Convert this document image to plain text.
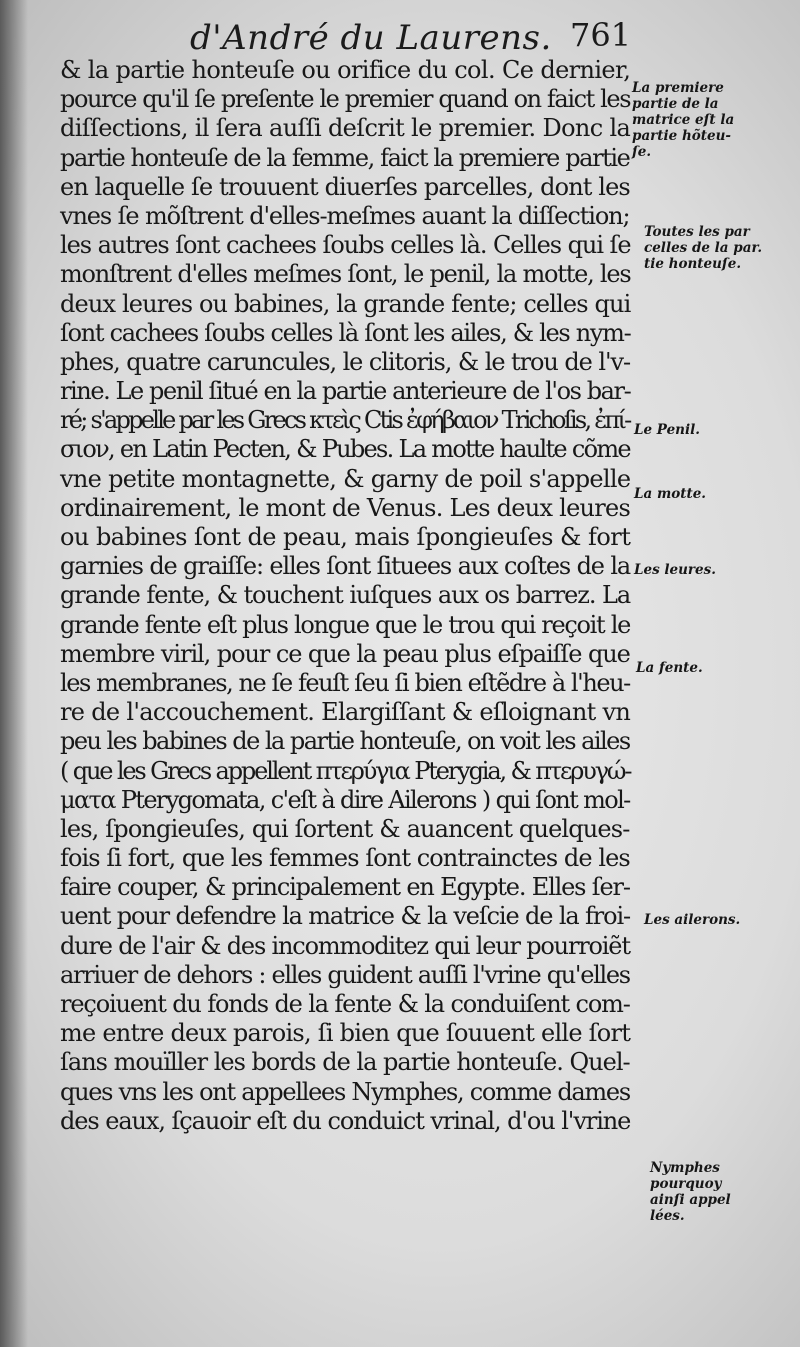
d'André du Laurens. 761
& la partie honteuſe ou orifice du col. Ce dernier,
pource qu'il ſe preſente le premier quand on faict les
diſſections, il ſera auſſi deſcrit le premier. Donc la
partie honteuſe de la femme, faict la premiere partie
en laquelle ſe trouuent diuerſes parcelles, dont les
vnes ſe mõſtrent d'elles-meſmes auant la diſſection;
les autres ſont cachees ſoubs celles là. Celles qui ſe
monſtrent d'elles meſmes ſont, le penil, la motte, les
deux leures ou babines, la grande fente; celles qui
ſont cachees ſoubs celles là ſont les ailes, & les nym-
phes, quatre caruncules, le clitoris, & le trou de l'v-
rine. Le penil ſitué en la partie anterieure de l'os bar-
ré; s'appelle par les Grecs κτεὶς Ctis ἐφήβαιον Trichoſis, ἐπί-
σιον, en Latin Pecten, & Pubes. La motte haulte cõme
vne petite montagnette, & garny de poil s'appelle
ordinairement, le mont de Venus. Les deux leures
ou babines ſont de peau, mais ſpongieuſes & fort
garnies de graiſſe: elles ſont ſituees aux coſtes de la
grande fente, & touchent iuſques aux os barrez. La
grande fente eſt plus longue que le trou qui reçoit le
membre viril, pour ce que la peau plus eſpaiſſe que
les membranes, ne ſe feuſt ſeu ſi bien eſtẽdre à l'heu-
re de l'accouchement. Elargiſſant & eſloignant vn
peu les babines de la partie honteuſe, on voit les ailes
( que les Grecs appellent πτερύγια Pterygia, & πτερυγώ-
ματα Pterygomata, c'eſt à dire Ailerons ) qui ſont mol-
les, ſpongieuſes, qui ſortent & auancent quelques-
fois ſi fort, que les femmes ſont contrainctes de les
faire couper, & principalement en Egypte. Elles ſer-
uent pour defendre la matrice & la veſcie de la froi-
dure de l'air & des incommoditez qui leur pourroiẽt
arriuer de dehors : elles guident auſſi l'vrine qu'elles
reçoiuent du fonds de la fente & la conduiſent com-
me entre deux parois, ſi bien que ſouuent elle ſort
ſans mouïller les bords de la partie honteuſe. Quel-
ques vns les ont appellees Nymphes, comme dames
des eaux, ſçauoir eſt du conduict vrinal, d'ou l'vrine
La premiere
partie de la
matrice eſt la
partie hõteu-
ſe.
Toutes les par
celles de la par.
tie honteuſe.
Le Penil.
La motte.
Les leures.
La fente.
Les ailerons.
Nymphes
pourquoy
ainſi appel
lées.
